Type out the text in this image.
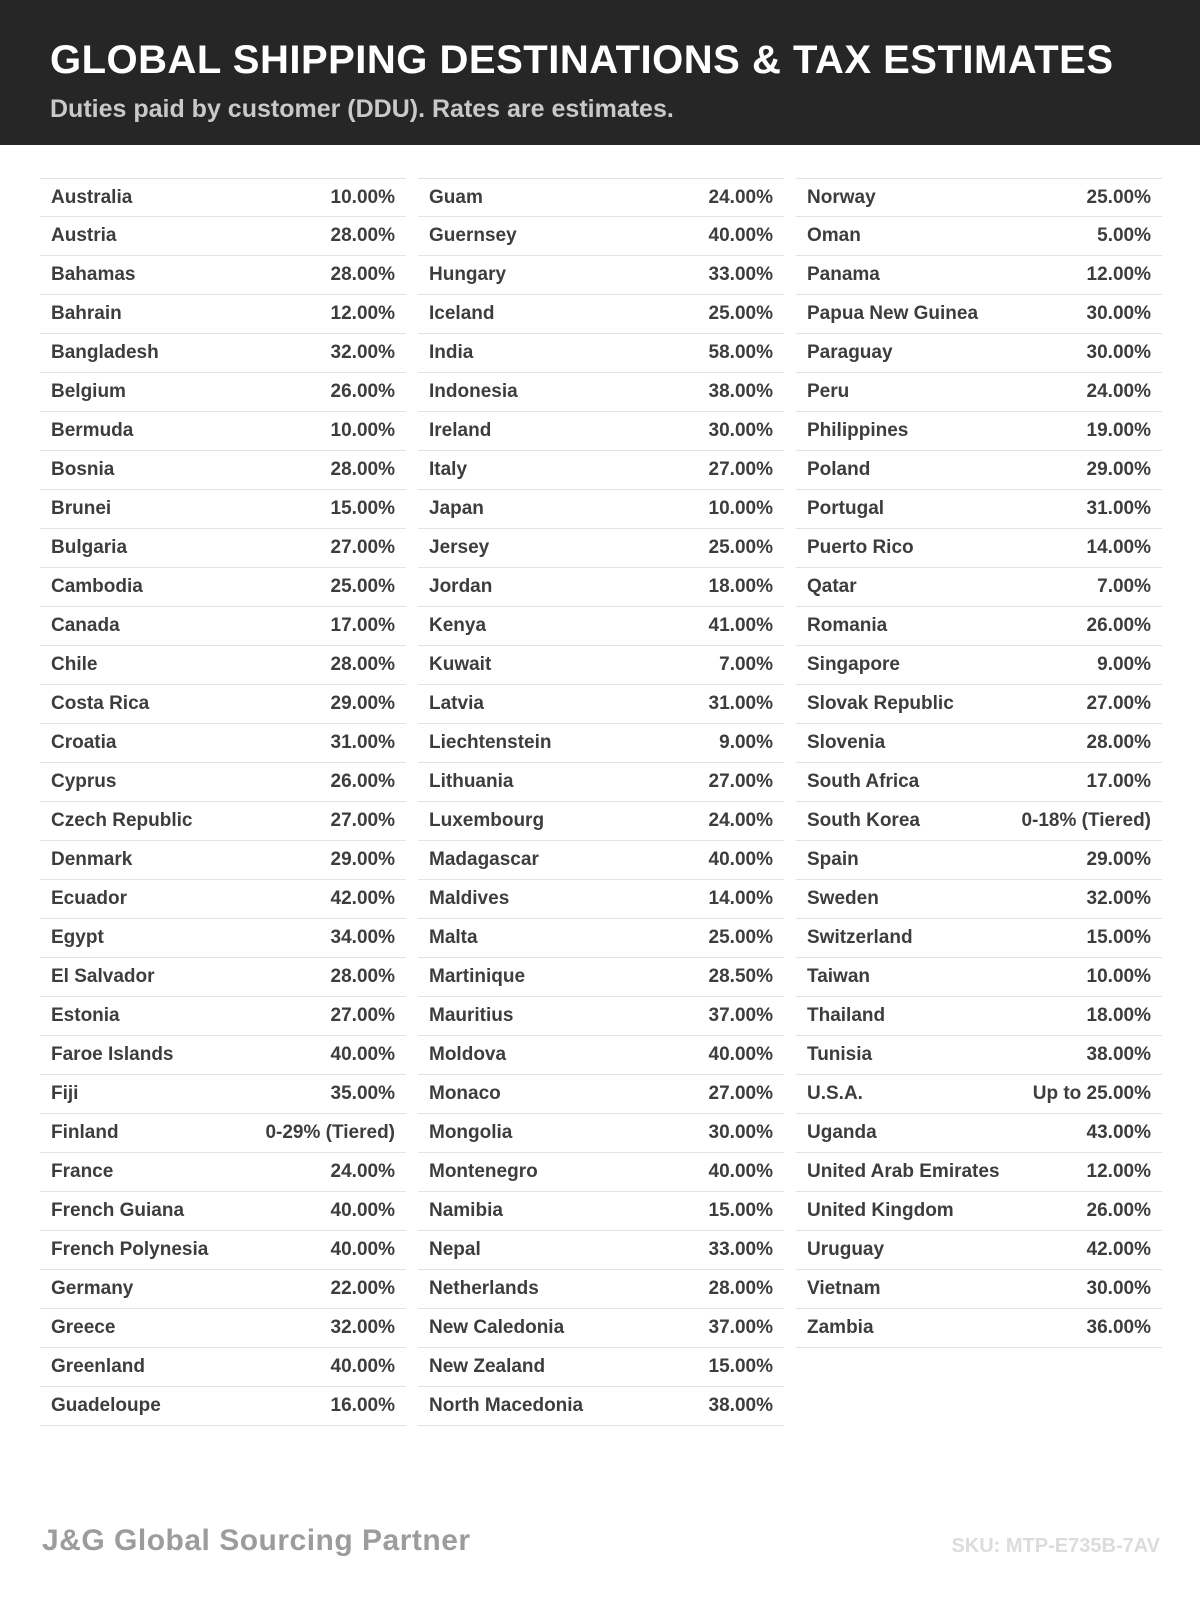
GLOBAL SHIPPING DESTINATIONS & TAX ESTIMATES
Duties paid by customer (DDU). Rates are estimates.
Australia	10.00%
Austria	28.00%
Bahamas	28.00%
Bahrain	12.00%
Bangladesh	32.00%
Belgium	26.00%
Bermuda	10.00%
Bosnia	28.00%
Brunei	15.00%
Bulgaria	27.00%
Cambodia	25.00%
Canada	17.00%
Chile	28.00%
Costa Rica	29.00%
Croatia	31.00%
Cyprus	26.00%
Czech Republic	27.00%
Denmark	29.00%
Ecuador	42.00%
Egypt	34.00%
El Salvador	28.00%
Estonia	27.00%
Faroe Islands	40.00%
Fiji	35.00%
Finland	0-29% (Tiered)
France	24.00%
French Guiana	40.00%
French Polynesia	40.00%
Germany	22.00%
Greece	32.00%
Greenland	40.00%
Guadeloupe	16.00%
Guam	24.00%
Guernsey	40.00%
Hungary	33.00%
Iceland	25.00%
India	58.00%
Indonesia	38.00%
Ireland	30.00%
Italy	27.00%
Japan	10.00%
Jersey	25.00%
Jordan	18.00%
Kenya	41.00%
Kuwait	7.00%
Latvia	31.00%
Liechtenstein	9.00%
Lithuania	27.00%
Luxembourg	24.00%
Madagascar	40.00%
Maldives	14.00%
Malta	25.00%
Martinique	28.50%
Mauritius	37.00%
Moldova	40.00%
Monaco	27.00%
Mongolia	30.00%
Montenegro	40.00%
Namibia	15.00%
Nepal	33.00%
Netherlands	28.00%
New Caledonia	37.00%
New Zealand	15.00%
North Macedonia	38.00%
Norway	25.00%
Oman	5.00%
Panama	12.00%
Papua New Guinea	30.00%
Paraguay	30.00%
Peru	24.00%
Philippines	19.00%
Poland	29.00%
Portugal	31.00%
Puerto Rico	14.00%
Qatar	7.00%
Romania	26.00%
Singapore	9.00%
Slovak Republic	27.00%
Slovenia	28.00%
South Africa	17.00%
South Korea	0-18% (Tiered)
Spain	29.00%
Sweden	32.00%
Switzerland	15.00%
Taiwan	10.00%
Thailand	18.00%
Tunisia	38.00%
U.S.A.	Up to 25.00%
Uganda	43.00%
United Arab Emirates	12.00%
United Kingdom	26.00%
Uruguay	42.00%
Vietnam	30.00%
Zambia	36.00%
J&G Global Sourcing Partner	SKU: MTP-E735B-7AV
